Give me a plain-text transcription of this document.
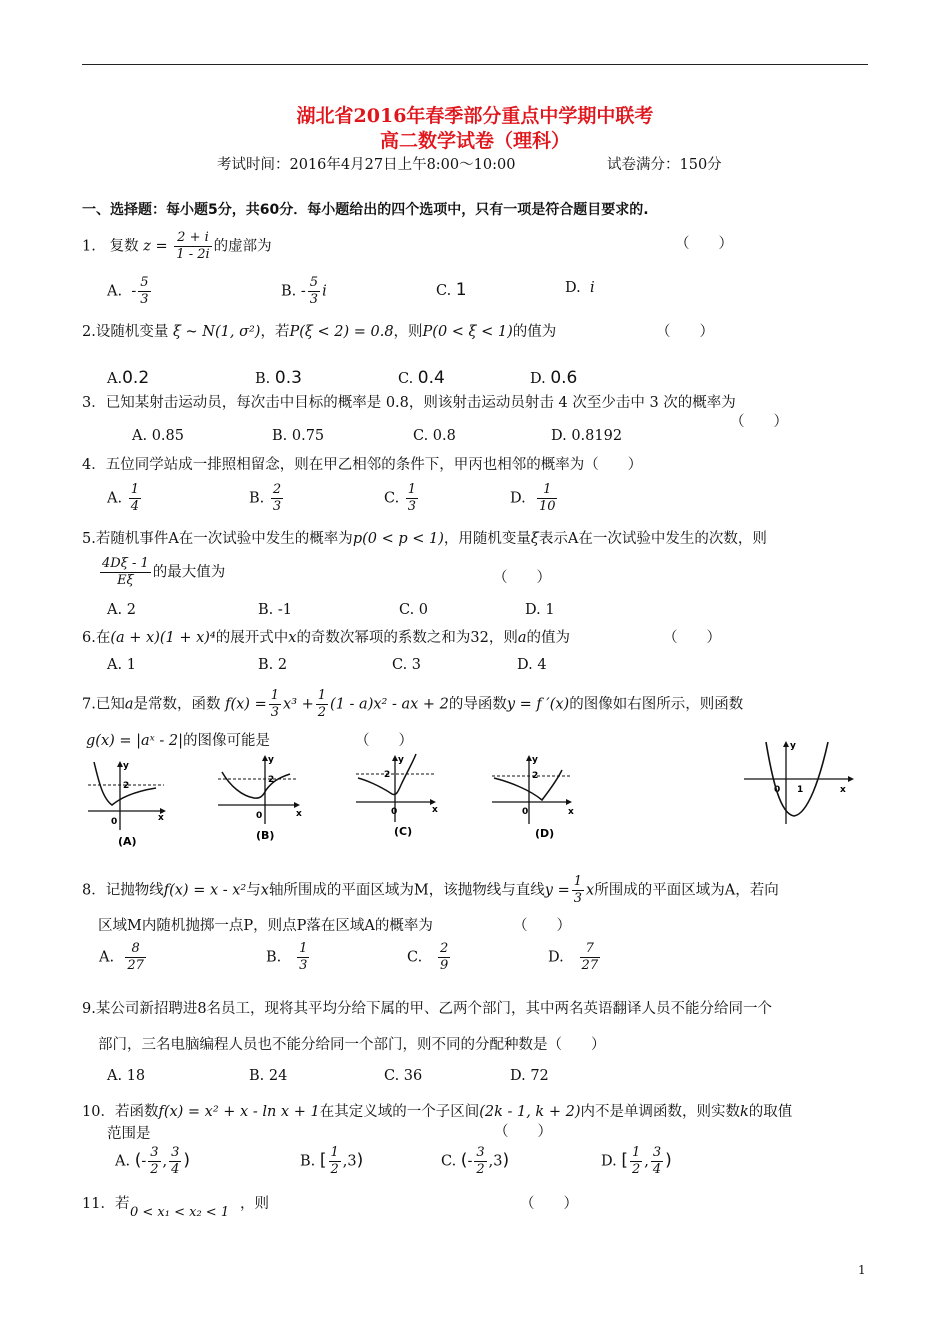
湖北省2016年春季部分重点中学期中联考
高二数学试卷（理科）
考试时间：2016年4月27日上午8:00～10:00	试卷满分：150分
一、选择题：每小题5分，共60分．每小题给出的四个选项中，只有一项是符合题目要求的.
1. 复数 $z = \frac{2 + i}{1 - 2i}$ 的虚部为	（　　）
A. - $\frac{5}{3}$	B. - $\frac{5}{3}$ i	C. 1	D. i
2.设随机变量 ξ ~ N(1, σ²)，若P(ξ < 2) = 0.8，则P(0 < ξ < 1)的值为	（　　）
A.0.2	B. 0.3	C. 0.4	D. 0.6
3．已知某射击运动员，每次击中目标的概率是 0.8，则该射击运动员射击 4 次至少击中 3 次的概率为
（　　）
A. 0.85	B. 0.75	C. 0.8	D. 0.8192
4．五位同学站成一排照相留念，则在甲乙相邻的条件下，甲丙也相邻的概率为（　　）
A. $\frac{1}{4}$	B. $\frac{2}{3}$	C. $\frac{1}{3}$	D. $\frac{1}{10}$
5.若随机事件A在一次试验中发生的概率为p(0 < p < 1)，用随机变量ξ表示A在一次试验中发生的次数，则
$\frac{4D\xi - 1}{E\xi}$ 的最大值为	（　　）
A. 2	B. -1	C. 0	D. 1
6.在(a + x)(1 + x)⁴的展开式中x的奇数次幂项的系数之和为32，则a的值为	（　　）
A. 1	B. 2	C. 3	D. 4
7.已知a是常数，函数 $f(x) = \frac{1}{3} x^3 + \frac{1}{2} (1 - a)x^2$ - ax + 2的导函数y = f ′(x)的图像如右图所示，则函数
g(x) = |aˣ - 2|的图像可能是	（　　）
y
2
0	x
(A)
y
2
0	x
(B)
y
2
0	x
(C)
y
2
0	x
(D)
y
x
0 1
8．记抛物线f(x) = x - x²与x轴所围成的平面区域为M，该抛物线与直线$y = \frac{1}{3}$ x所围成的平面区域为A，若向
区域M内随机抛掷一点P，则点P落在区域A的概率为	（　　）
A. $\frac{8}{27}$	B. $\frac{1}{3}$	C. $\frac{2}{9}$	D. $\frac{7}{27}$
9.某公司新招聘进8名员工，现将其平均分给下属的甲、乙两个部门，其中两名英语翻译人员不能分给同一个
部门，三名电脑编程人员也不能分给同一个部门，则不同的分配种数是（　　）
A. 18	B. 24	C. 36	D. 72
10．若函数f(x) = x² + x - ln x + 1在其定义域的一个子区间(2k - 1, k + 2)内不是单调函数，则实数k的取值
范围是	（　　）
A. (- $\frac{3}{2}$ , $\frac{3}{4}$ )	B. [ $\frac{1}{2} ,3$)	C. (- $\frac{3}{2} ,3$)	D. [ $\frac{1}{2}$ , $\frac{3}{4}$ )
11．若
0 < x₁ < x₂ < 1
，则	（　　）
1
